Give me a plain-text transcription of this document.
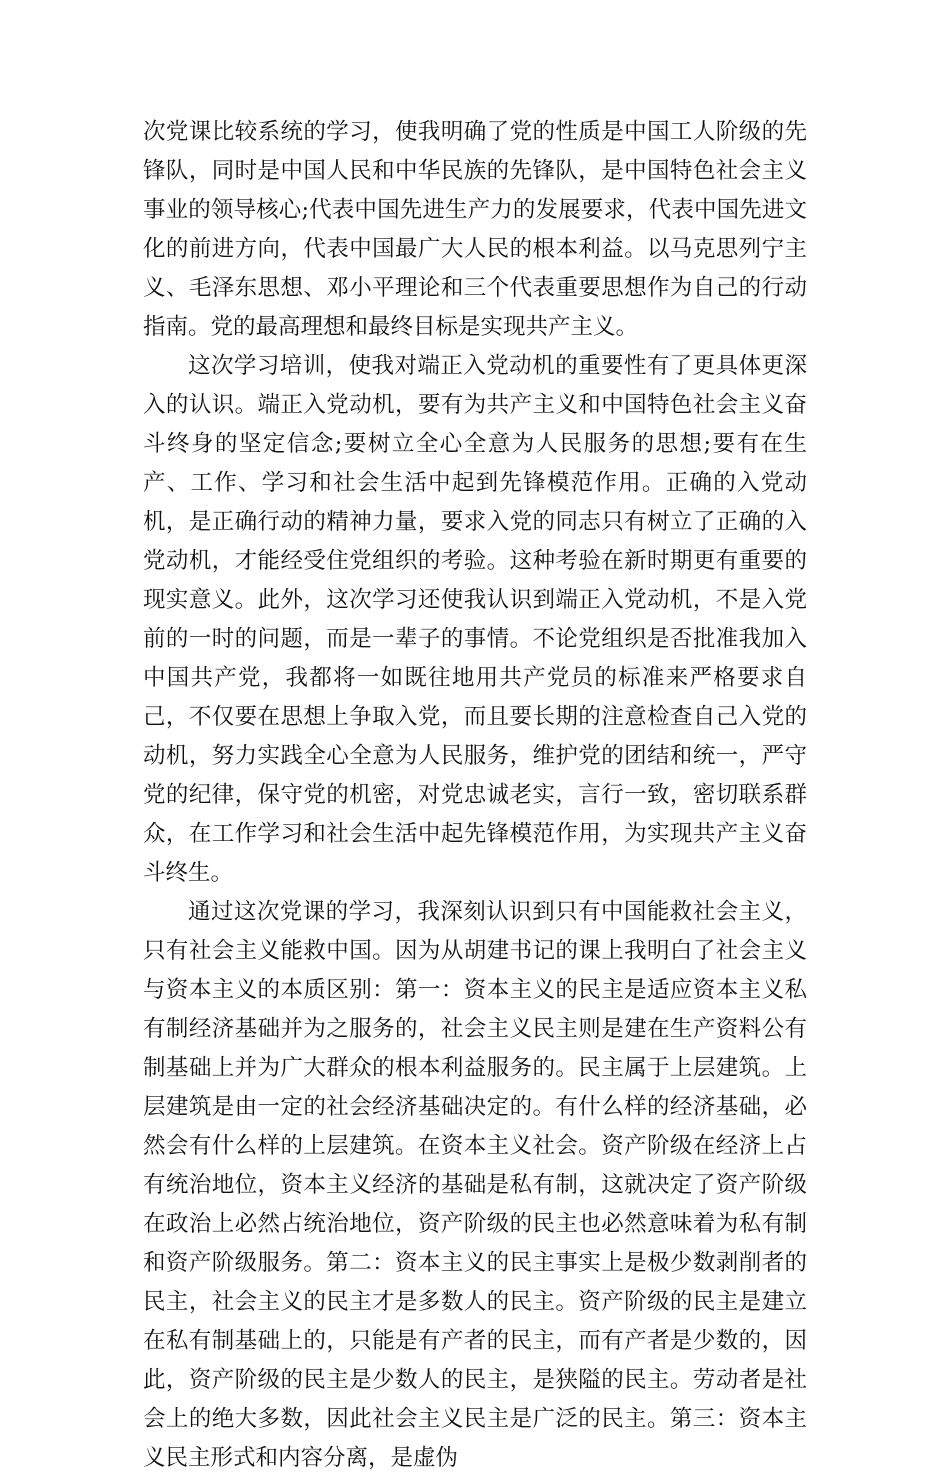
次党课比较系统的学习，使我明确了党的性质是中国工人阶级的先锋队，同时是中国人民和中华民族的先锋队，是中国特色社会主义事业的领导核心;代表中国先进生产力的发展要求，代表中国先进文化的前进方向，代表中国最广大人民的根本利益。以马克思列宁主义、毛泽东思想、邓小平理论和三个代表重要思想作为自己的行动指南。党的最高理想和最终目标是实现共产主义。

这次学习培训，使我对端正入党动机的重要性有了更具体更深入的认识。端正入党动机，要有为共产主义和中国特色社会主义奋斗终身的坚定信念;要树立全心全意为人民服务的思想;要有在生产、工作、学习和社会生活中起到先锋模范作用。正确的入党动机，是正确行动的精神力量，要求入党的同志只有树立了正确的入党动机，才能经受住党组织的考验。这种考验在新时期更有重要的现实意义。此外，这次学习还使我认识到端正入党动机，不是入党前的一时的问题，而是一辈子的事情。不论党组织是否批准我加入中国共产党，我都将一如既往地用共产党员的标准来严格要求自己，不仅要在思想上争取入党，而且要长期的注意检查自己入党的动机，努力实践全心全意为人民服务，维护党的团结和统一，严守党的纪律，保守党的机密，对党忠诚老实，言行一致，密切联系群众，在工作学习和社会生活中起先锋模范作用，为实现共产主义奋斗终生。

通过这次党课的学习，我深刻认识到只有中国能救社会主义，只有社会主义能救中国。因为从胡建书记的课上我明白了社会主义与资本主义的本质区别：第一：资本主义的民主是适应资本主义私有制经济基础并为之服务的，社会主义民主则是建在生产资料公有制基础上并为广大群众的根本利益服务的。民主属于上层建筑。上层建筑是由一定的社会经济基础决定的。有什么样的经济基础，必然会有什么样的上层建筑。在资本主义社会。资产阶级在经济上占有统治地位，资本主义经济的基础是私有制，这就决定了资产阶级在政治上必然占统治地位，资产阶级的民主也必然意味着为私有制和资产阶级服务。第二：资本主义的民主事实上是极少数剥削者的民主，社会主义的民主才是多数人的民主。资产阶级的民主是建立在私有制基础上的，只能是有产者的民主，而有产者是少数的，因此，资产阶级的民主是少数人的民主，是狭隘的民主。劳动者是社会上的绝大多数，因此社会主义民主是广泛的民主。第三：资本主义民主形式和内容分离，是虚伪
